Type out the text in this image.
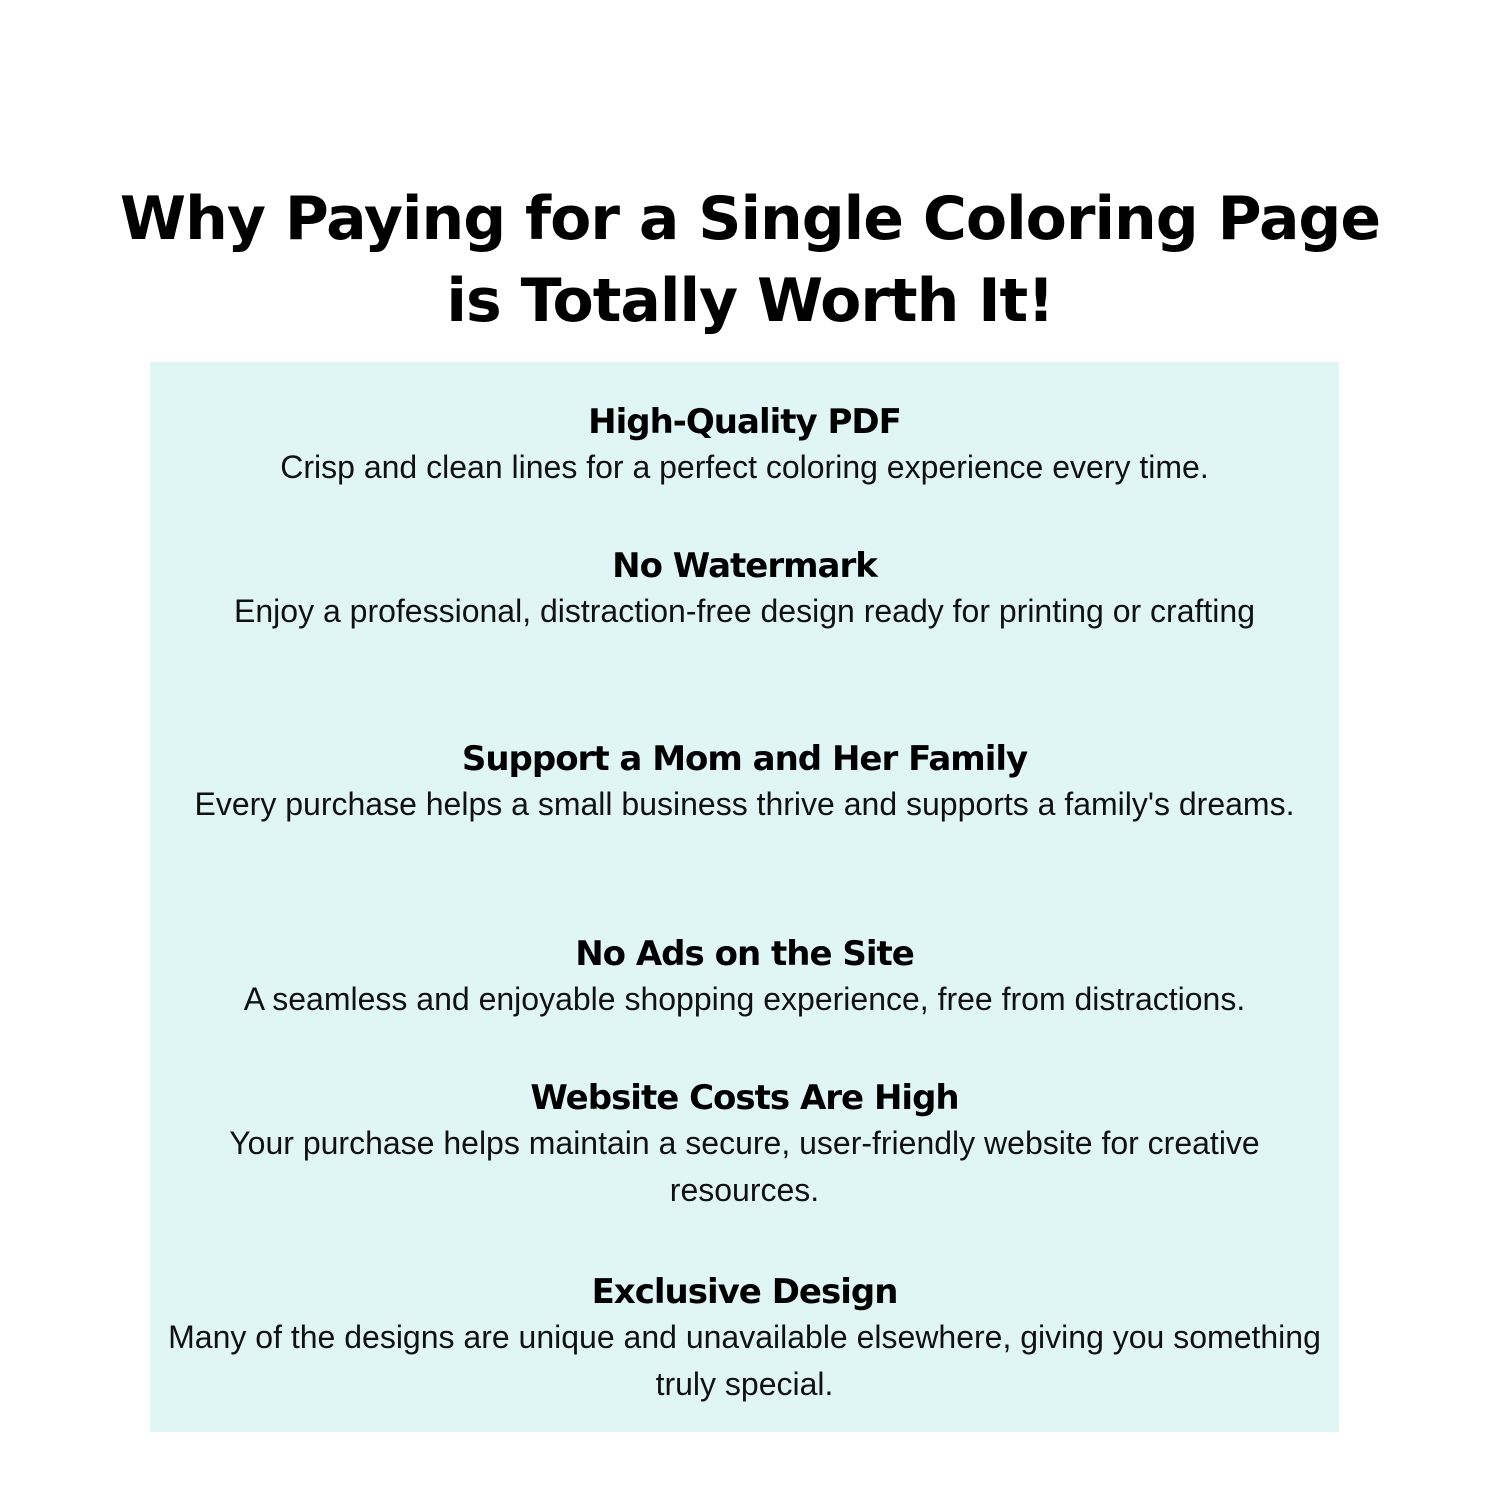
Why Paying for a Single Coloring Page
is Totally Worth It!

High-Quality PDF

Crisp and clean lines for a perfect coloring experience every time.

No Watermark

Enjoy a professional, distraction-free design ready for printing or crafting

Support a Mom and Her Family

Every purchase helps a small business thrive and supports a family's dreams.

No Ads on the Site

A seamless and enjoyable shopping experience, free from distractions.

Website Costs Are High

Your purchase helps maintain a secure, user-friendly website for creative resources.

Exclusive Design

Many of the designs are unique and unavailable elsewhere, giving you something truly special.
